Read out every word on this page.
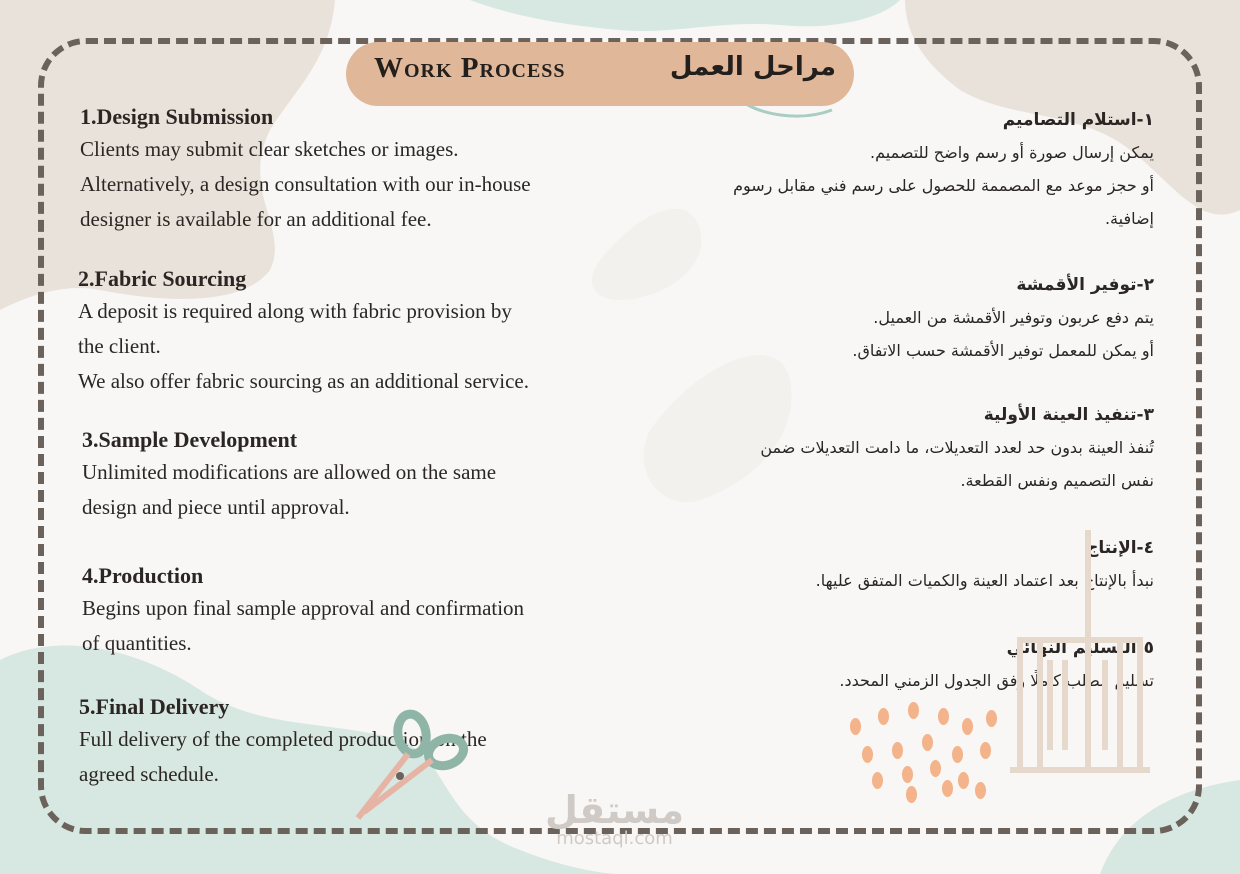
Work Process	مراحل العمل
1.Design Submission
Clients may submit clear sketches or images.
Alternatively, a design consultation with our in-house
designer is available for an additional fee.
2.Fabric Sourcing
A deposit is required along with fabric provision by
the client.
We also offer fabric sourcing as an additional service.
3.Sample Development
Unlimited modifications are allowed on the same
design and piece until approval.
4.Production
Begins upon final sample approval and confirmation
of quantities.
5.Final Delivery
Full delivery of the completed production on the
agreed schedule.
١-استلام التصاميم
يمكن إرسال صورة أو رسم واضح للتصميم.
أو حجز موعد مع المصممة للحصول على رسم فني مقابل رسوم
إضافية.
٢-توفير الأقمشة
يتم دفع عربون وتوفير الأقمشة من العميل.
أو يمكن للمعمل توفير الأقمشة حسب الاتفاق.
٣-تنفيذ العينة الأولية
تُنفذ العينة بدون حد لعدد التعديلات، ما دامت التعديلات ضمن
نفس التصميم ونفس القطعة.
٤-الإنتاج
نبدأ بالإنتاج بعد اعتماد العينة والكميات المتفق عليها.
٥-التسليم النهائي
تسليم الطلب كاملًا وفق الجدول الزمني المحدد.
مستقل
mostaql.com
